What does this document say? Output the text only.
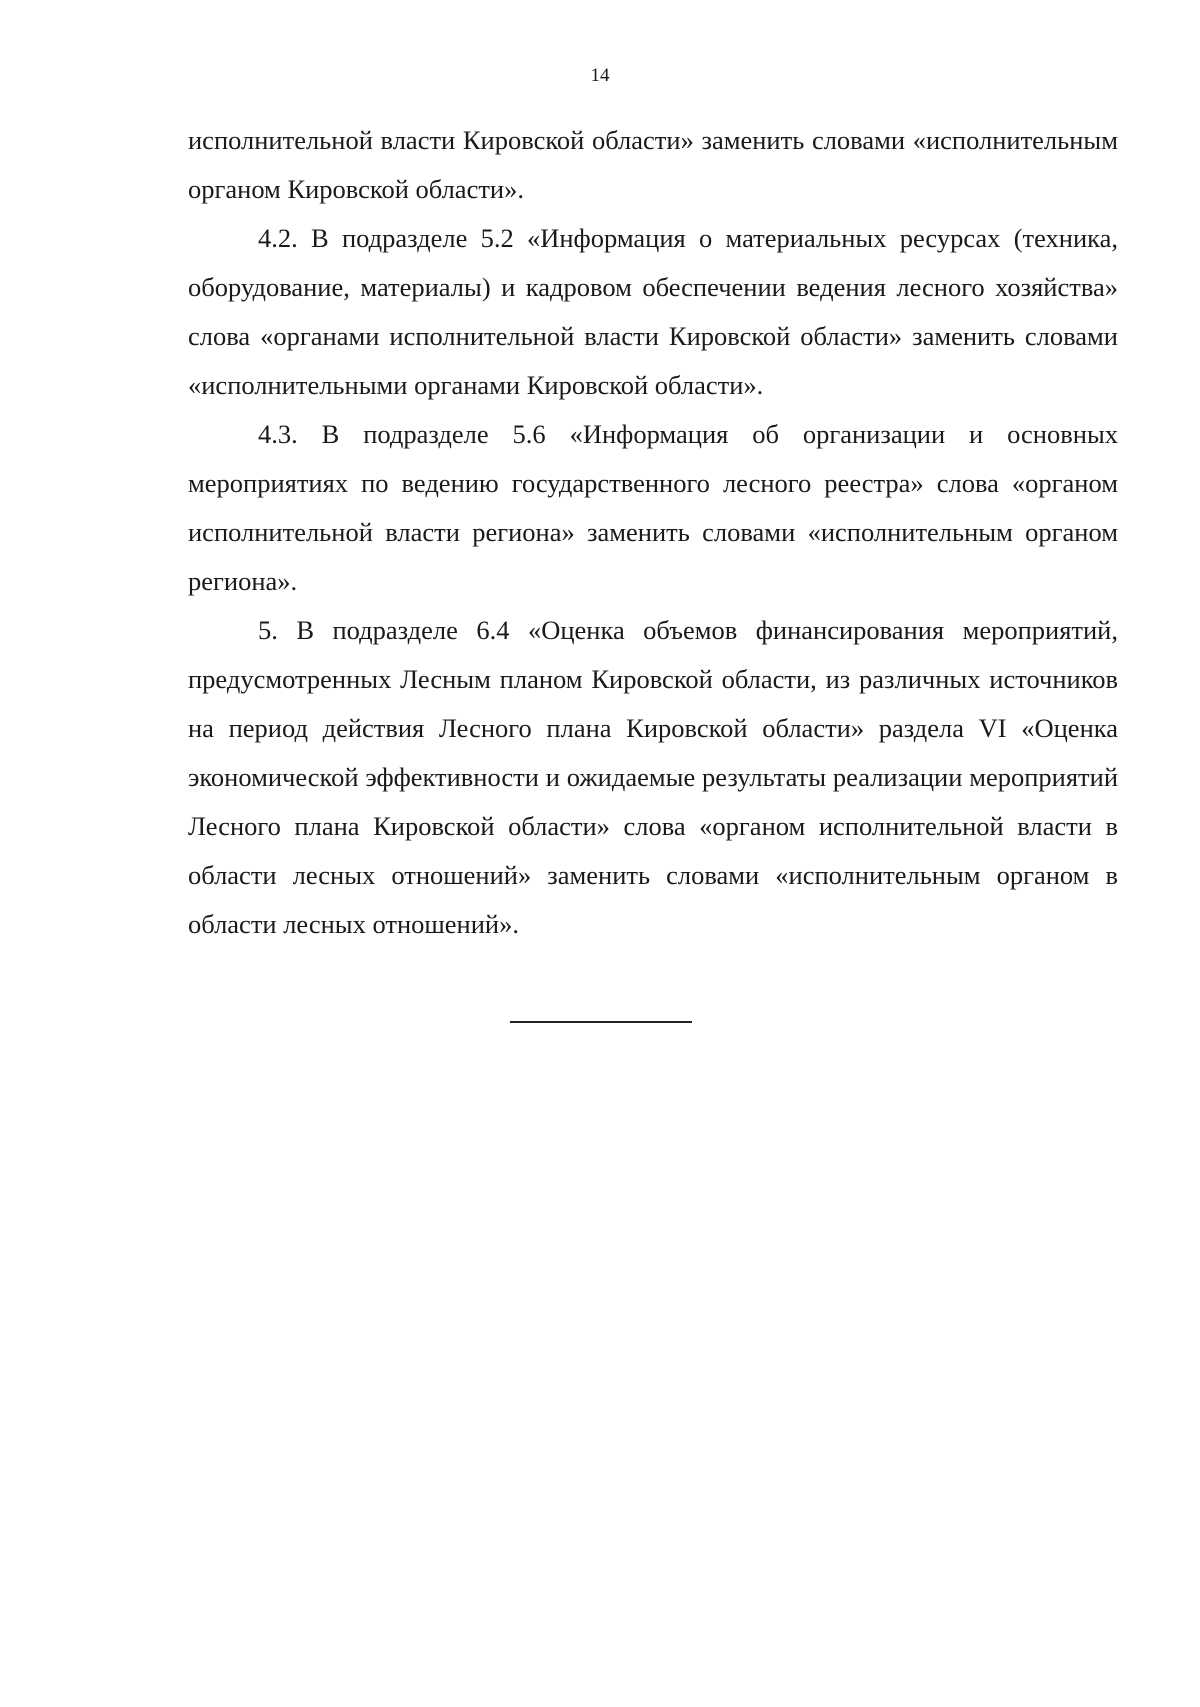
14

исполнительной власти Кировской области» заменить словами «исполнительным органом Кировской области».

4.2. В подразделе 5.2 «Информация о материальных ресурсах (техника, оборудование, материалы) и кадровом обеспечении ведения лесного хозяйства» слова «органами исполнительной власти Кировской области» заменить словами «исполнительными органами Кировской области».

4.3. В подразделе 5.6 «Информация об организации и основных мероприятиях по ведению государственного лесного реестра» слова «органом исполнительной власти региона» заменить словами «исполнительным органом региона».

5. В подразделе 6.4 «Оценка объемов финансирования мероприятий, предусмотренных Лесным планом Кировской области, из различных источников на период действия Лесного плана Кировской области» раздела VI «Оценка экономической эффективности и ожидаемые результаты реализации мероприятий Лесного плана Кировской области» слова «органом исполнительной власти в области лесных отношений» заменить словами «исполнительным органом в области лесных отношений».
